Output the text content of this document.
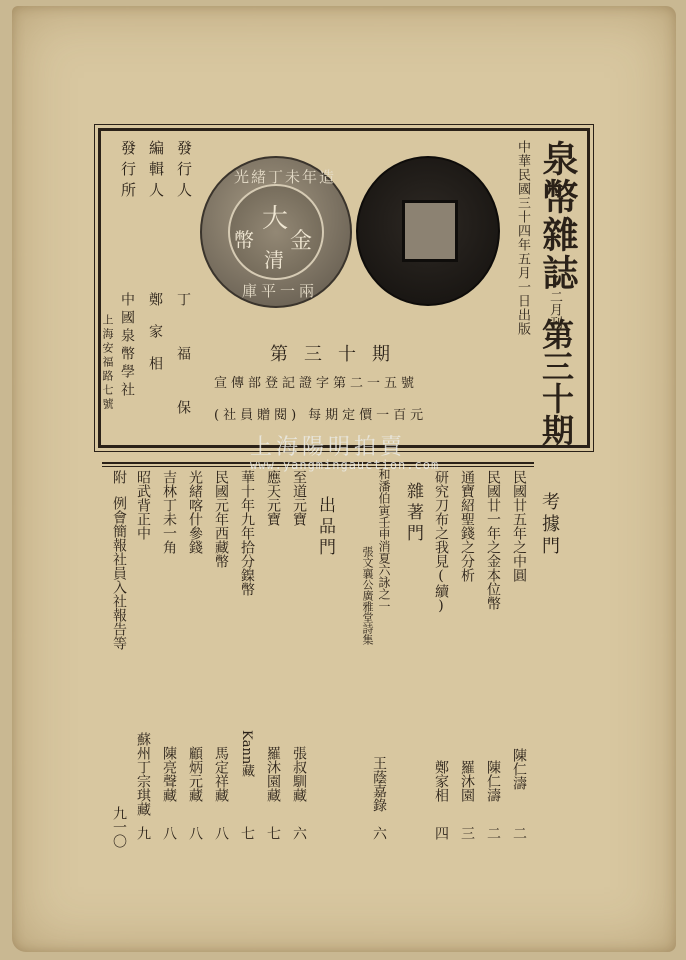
泉幣雜誌
二月刊
第三十期
中華民國三十四年五月一日出版
光緒丁未年造
庫平一兩
大
金
清
幣
發行人
編輯人
發行所
丁福保
鄭家相
中國泉幣學社
上海安福路七號	第三十期
宣傳部登記證字第二一五號
(社員贈閱) 每期定價一百元
考據門
民國廿五年之中圓
陳仁濤
二
民國廿一年之金本位幣
陳仁濤
二
通寶紹聖錢之分析
羅沐園
三
研究刀布之我見(續)
鄭家相
四
雜著門
和潘伯寅壬申消夏六詠之一
張文襄公廣雅堂詩集
王蔭嘉錄
六
出品門
至道元寶
張叔馴藏
六
應天元寶
羅沐園藏
七
華十年九年拾分鎳幣
Kann藏
七
民國元年西藏幣
馬定祥藏
八
光緒喀什參錢
顧炳元藏
八
吉林丁未一角
陳亮聲藏
八
昭武背正中
蘇州丁宗琪藏
九
附
例會簡報社員入社報告等
九一〇
上海陽明拍賣
www.yangmingauction.com
